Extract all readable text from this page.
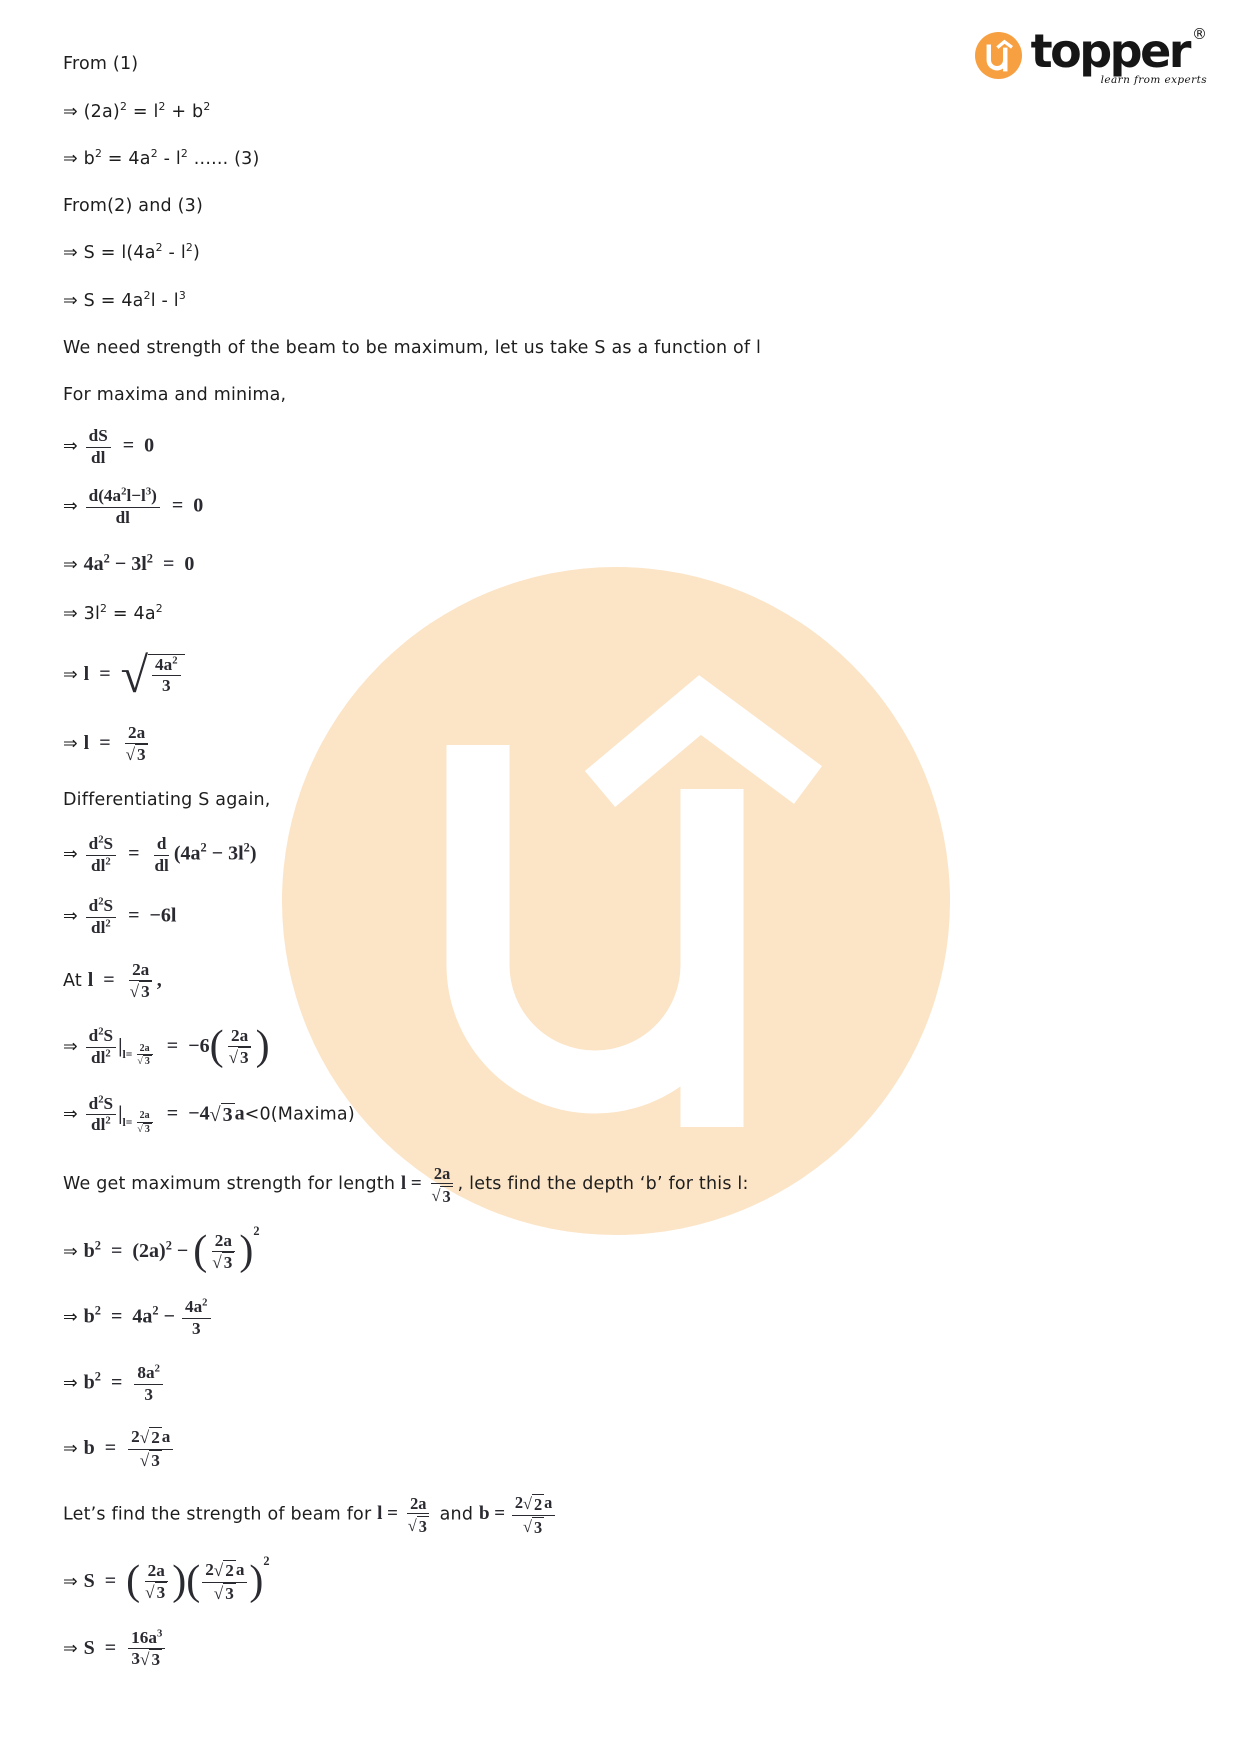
From (1)
⇒ $(2a)^2 = l^2 + b^2$
⇒ $b^2 = 4a^2 - l^2$ ...... (3)
From(2) and (3)
⇒ $S = l(4a^2 - l^2)$
⇒ $S = 4a^2l - l^3$
We need strength of the beam to be maximum, let us take S as a function of l
For maxima and minima,
⇒ $\frac{dS}{dl} = 0$
⇒ $\frac{d(4a^2l-l^3)}{dl} = 0$
⇒ $4a^2 - 3l^2 = 0$
⇒ $3l^2 = 4a^2$
⇒ l  = √ $\frac{4a^2}{3}$
⇒ $l = \frac{2a}{√ 3}$
Differentiating S again,
⇒ $\frac{d^2S}{dl^2} = \frac{d}{dl} (4a^2 - 3l^2)$
⇒ $\frac{d^2S}{dl^2} = -6l$
At $l = \frac{2a}{√ 3}$ ,
⇒ $\frac{d^2S}{dl^2} |_{l= \frac{2a}{√ 3}} = -6$ ( $\frac{2a}{√ 3}$ )
⇒ $\frac{d^2S}{dl^2} |_{l= \frac{2a}{√ 3}} = -4$ √ 3 a<0(Maxima)
We get maximum strength for length $l = \frac{2a}{√ 3}$ , lets find the depth ‘b’ for this l:
⇒ $b^2 = (2a)^2$ − ( $\frac{2a}{√ 3}$ ) $^2$
⇒ $b^2 = 4a^2 - \frac{4a^2}{3}$
⇒ $b^2 = \frac{8a^2}{3}$
⇒ $b = \frac{2 √ 2 a}{√ 3}$
Let’s find the strength of beam for $l = \frac{2a}{√ 3}$ and $b = \frac{2 √ 2 a}{√ 3}$
⇒ S  = ( $\frac{2a}{√ 3}$ ) ( $\frac{2 √ 2 a}{√ 3}$ ) $^2$
⇒ $S = \frac{16a^3}{3 √ 3}$
topper ®
learn from experts
